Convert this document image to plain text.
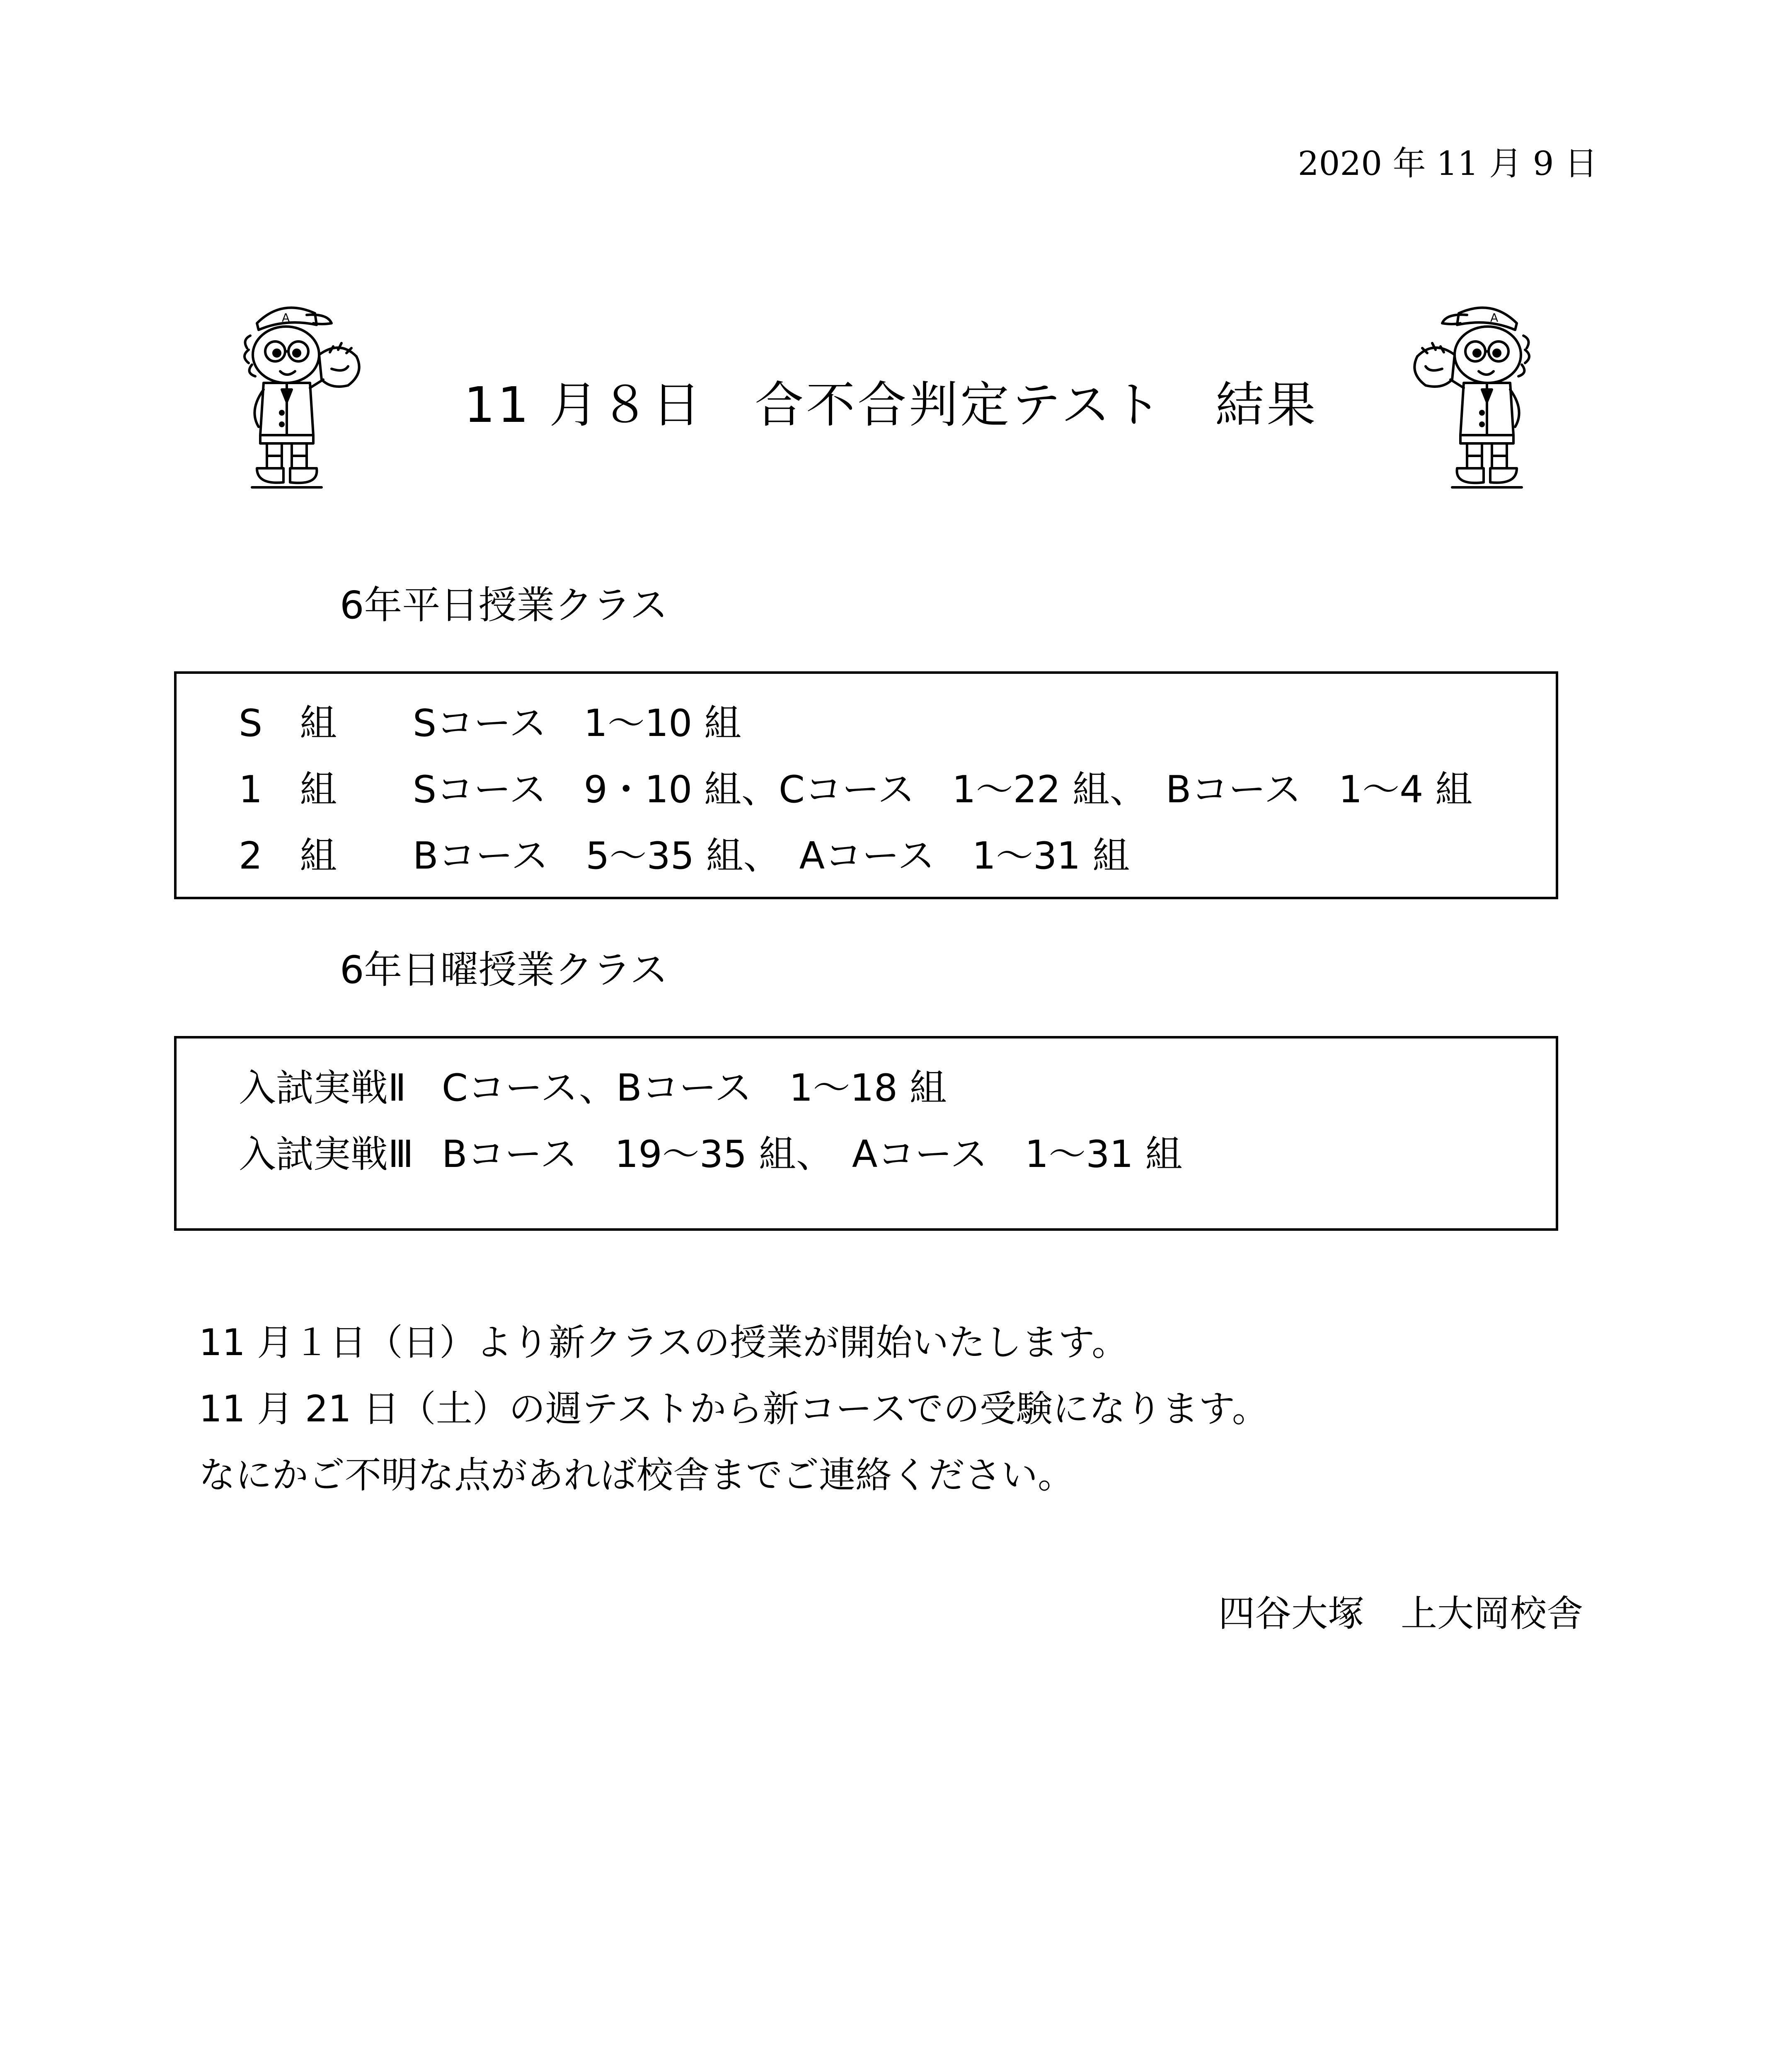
2020 年 11 月 9 日
A	A
11 月８日　合不合判定テスト　結果
6年平日授業クラス
S　組 Sコース　1～10 組
1　組 Sコース　9・10 組、Cコース　1～22 組、　Bコース　1～4 組
2　組 Bコース　5～35 組、　Aコース　1～31 組
6年日曜授業クラス
入試実戦Ⅱ Cコース、Bコース　1～18 組
入試実戦Ⅲ Bコース　19～35 組、　Aコース　1～31 組
11 月１日（日）より新クラスの授業が開始いたします。
11 月 21 日（土）の週テストから新コースでの受験になります。
なにかご不明な点があれば校舎までご連絡ください。
四谷大塚　上大岡校舎
